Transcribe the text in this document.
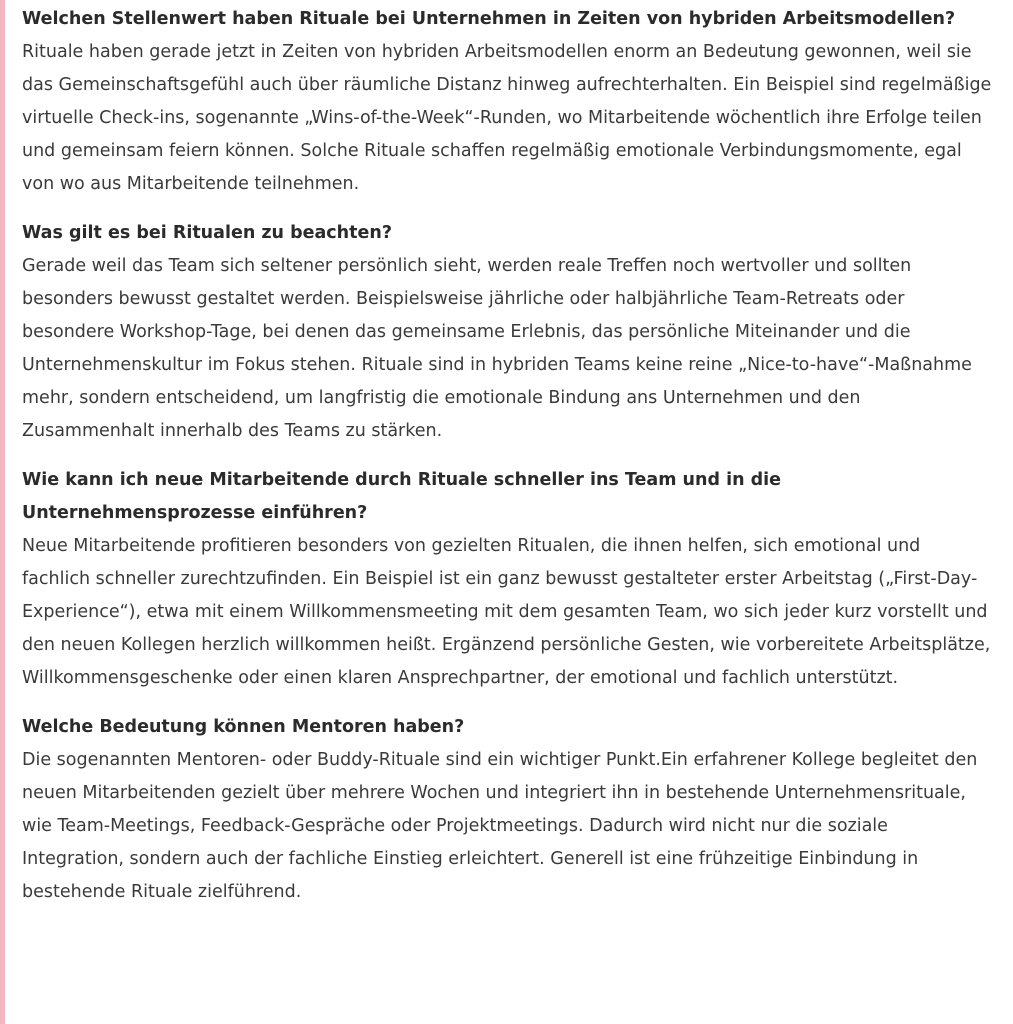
Welchen Stellenwert haben Rituale bei Unternehmen in Zeiten von hybriden Arbeitsmodellen?

Rituale haben gerade jetzt in Zeiten von hybriden Arbeitsmodellen enorm an Bedeutung gewonnen, weil sie das Gemeinschaftsgefühl auch über räumliche Distanz hinweg aufrechterhalten. Ein Beispiel sind regelmäßige virtuelle Check-ins, sogenannte „Wins-of-the-Week“-Runden, wo Mitarbeitende wöchentlich ihre Erfolge teilen und gemeinsam feiern können. Solche Rituale schaffen regelmäßig emotionale Verbindungsmomente, egal von wo aus Mitarbeitende teilnehmen.

Was gilt es bei Ritualen zu beachten?

Gerade weil das Team sich seltener persönlich sieht, werden reale Treffen noch wertvoller und sollten besonders bewusst gestaltet werden. Beispielsweise jährliche oder halbjährliche Team-Retreats oder besondere Workshop-Tage, bei denen das gemeinsame Erlebnis, das persönliche Miteinander und die Unternehmenskultur im Fokus stehen. Rituale sind in hybriden Teams keine reine „Nice-to-have“-Maßnahme mehr, sondern entscheidend, um langfristig die emotionale Bindung ans Unternehmen und den Zusammenhalt innerhalb des Teams zu stärken.

Wie kann ich neue Mitarbeitende durch Rituale schneller ins Team und in die Unternehmensprozesse einführen?

Neue Mitarbeitende profitieren besonders von gezielten Ritualen, die ihnen helfen, sich emotional und fachlich schneller zurechtzufinden. Ein Beispiel ist ein ganz bewusst gestalteter erster Arbeitstag („First-Day-Experience“), etwa mit einem Willkommensmeeting mit dem gesamten Team, wo sich jeder kurz vorstellt und den neuen Kollegen herzlich willkommen heißt. Ergänzend persönliche Gesten, wie vorbereitete Arbeitsplätze, Willkommensgeschenke oder einen klaren Ansprechpartner, der emotional und fachlich unterstützt.

Welche Bedeutung können Mentoren haben?

Die sogenannten Mentoren- oder Buddy-Rituale sind ein wichtiger Punkt.Ein erfahrener Kollege begleitet den neuen Mitarbeitenden gezielt über mehrere Wochen und integriert ihn in bestehende Unternehmensrituale, wie Team-Meetings, Feedback-Gespräche oder Projektmeetings. Dadurch wird nicht nur die soziale Integration, sondern auch der fachliche Einstieg erleichtert. Generell ist eine frühzeitige Einbindung in bestehende Rituale zielführend.
